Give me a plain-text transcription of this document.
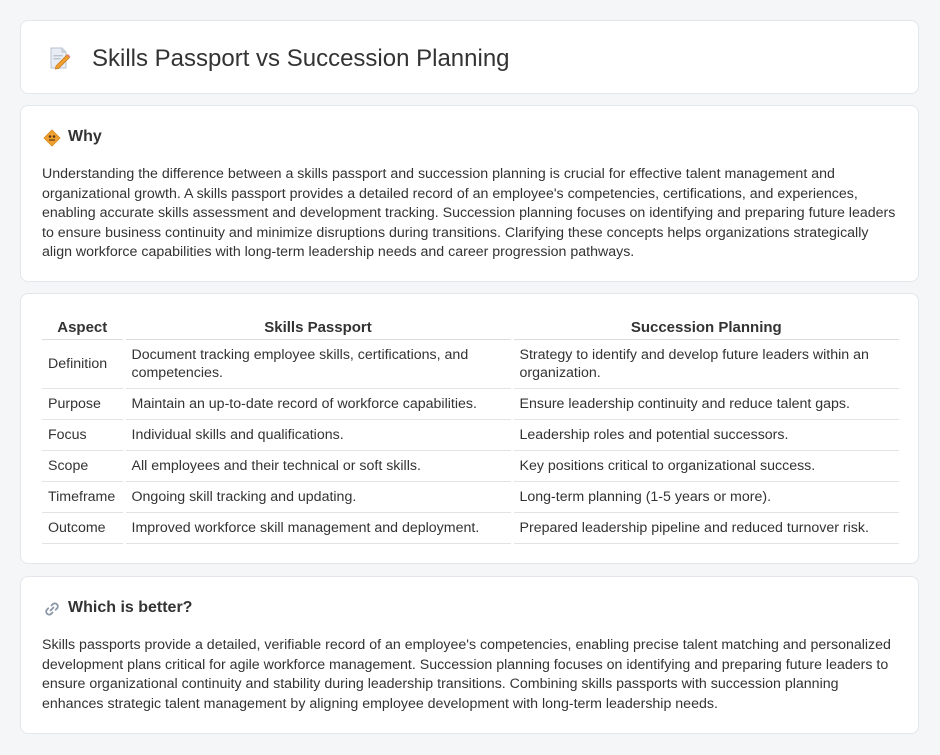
Skills Passport vs Succession Planning
Why

Understanding the difference between a skills passport and succession planning is crucial for effective talent management and organizational growth. A skills passport provides a detailed record of an employee's competencies, certifications, and experiences, enabling accurate skills assessment and development tracking. Succession planning focuses on identifying and preparing future leaders to ensure business continuity and minimize disruptions during transitions. Clarifying these concepts helps organizations strategically align workforce capabilities with long-term leadership needs and career progression pathways.

Aspect	Skills Passport	Succession Planning
Definition	Document tracking employee skills, certifications, and competencies.	Strategy to identify and develop future leaders within an organization.
Purpose	Maintain an up-to-date record of workforce capabilities.	Ensure leadership continuity and reduce talent gaps.
Focus	Individual skills and qualifications.	Leadership roles and potential successors.
Scope	All employees and their technical or soft skills.	Key positions critical to organizational success.
Timeframe	Ongoing skill tracking and updating.	Long-term planning (1-5 years or more).
Outcome	Improved workforce skill management and deployment.	Prepared leadership pipeline and reduced turnover risk.
Which is better?

Skills passports provide a detailed, verifiable record of an employee's competencies, enabling precise talent matching and personalized development plans critical for agile workforce management. Succession planning focuses on identifying and preparing future leaders to ensure organizational continuity and stability during leadership transitions. Combining skills passports with succession planning enhances strategic talent management by aligning employee development with long-term leadership needs.
